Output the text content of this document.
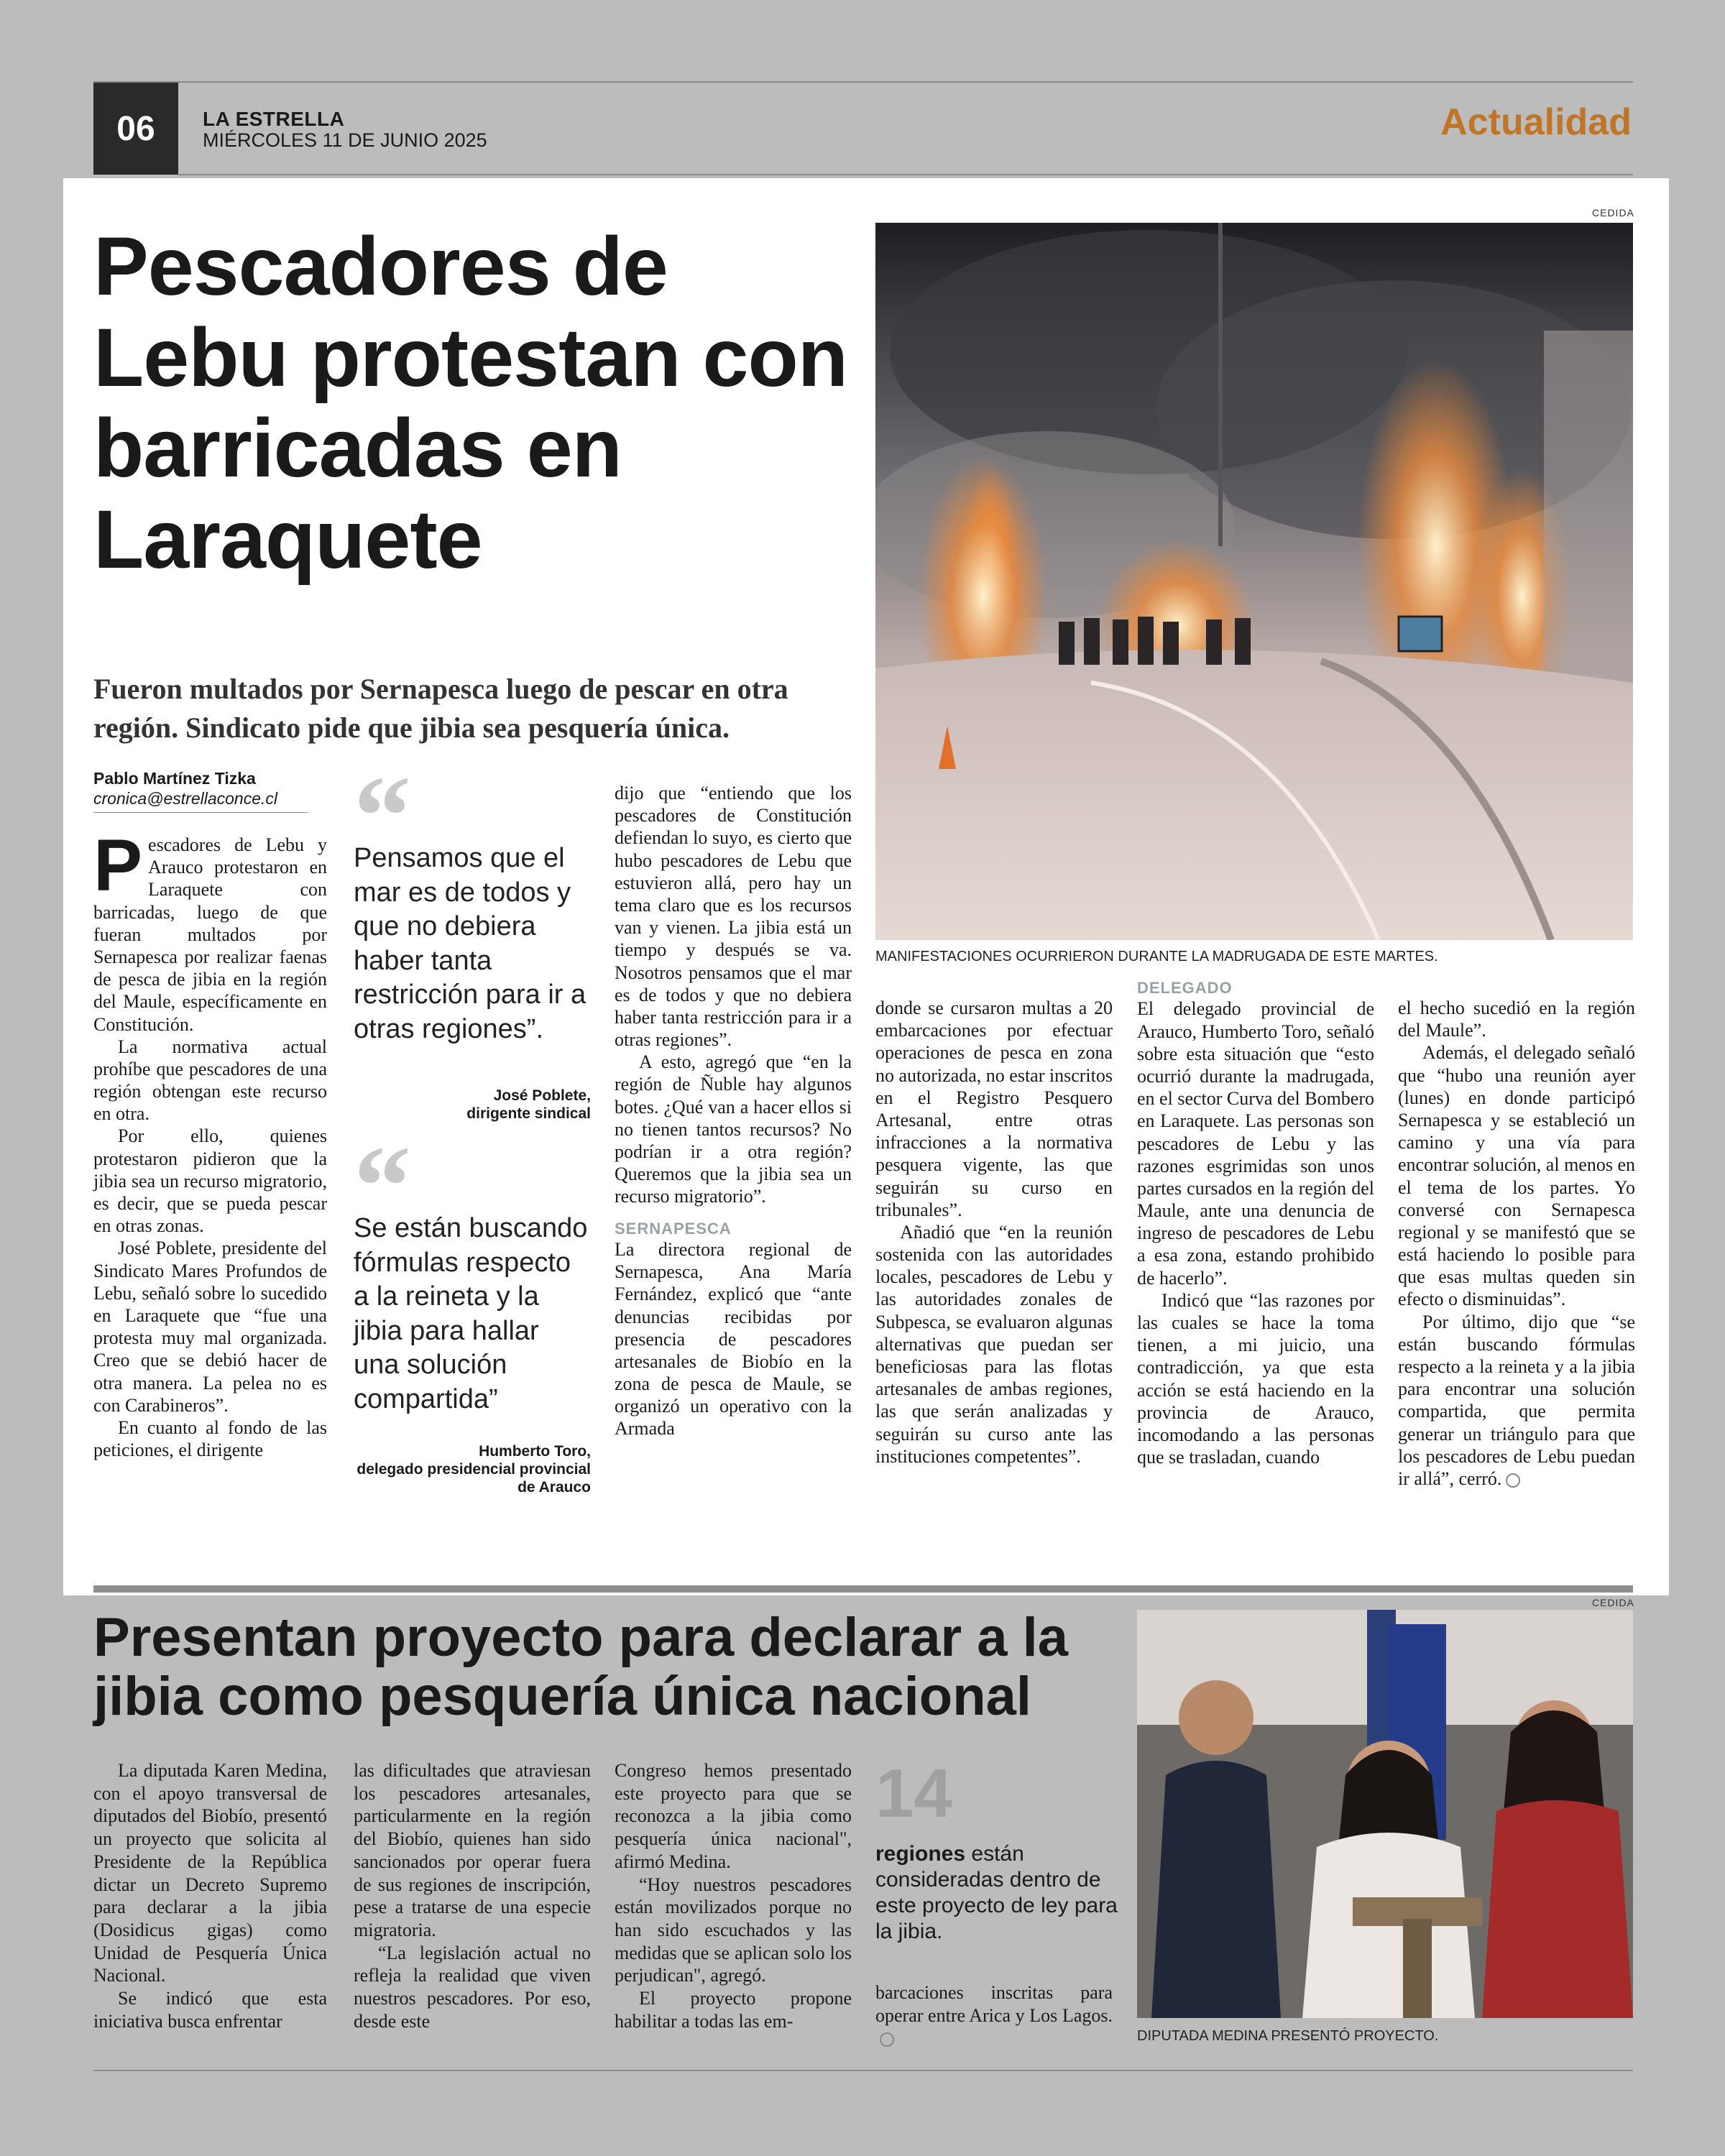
06	LA ESTRELLA
MIÉRCOLES 11 DE JUNIO 2025	Actualidad
Pescadores de Lebu protestan con barricadas en Laraquete
Fueron multados por Sernapesca luego de pescar en otra región. Sindicato pide que jibia sea pesquería única.
Pablo Martínez Tizka
cronica@estrellaconce.cl
CEDIDA
MANIFESTACIONES OCURRIERON DURANTE LA MADRUGADA DE ESTE MARTES.

Pescadores de Lebu y Arauco protestaron en Laraquete con barricadas, luego de que fueran multados por Sernapesca por realizar faenas de pesca de jibia en la región del Maule, específicamente en Constitución.

La normativa actual prohíbe que pescadores de una región obtengan este recurso en otra.

Por ello, quienes protestaron pidieron que la jibia sea un recurso migratorio, es decir, que se pueda pescar en otras zonas.

José Poblete, presidente del Sindicato Mares Profundos de Lebu, señaló sobre lo sucedido en Laraquete que “fue una protesta muy mal organizada. Creo que se debió hacer de otra manera. La pelea no es con Carabineros”.

En cuanto al fondo de las peticiones, el dirigente

“
Pensamos que el mar es de todos y que no debiera haber tanta restricción para ir a otras regiones”.
José Poblete,
dirigente sindical
“
Se están buscando fórmulas respecto a la reineta y la jibia para hallar una solución compartida”
Humberto Toro,
delegado presidencial provincial de Arauco

dijo que “entiendo que los pescadores de Constitución defiendan lo suyo, es cierto que hubo pescadores de Lebu que estuvieron allá, pero hay un tema claro que es los recursos van y vienen. La jibia está un tiempo y después se va. Nosotros pensamos que el mar es de todos y que no debiera haber tanta restricción para ir a otras regiones”.

A esto, agregó que “en la región de Ñuble hay algunos botes. ¿Qué van a hacer ellos si no tienen tantos recursos? No podrían ir a otra región? Queremos que la jibia sea un recurso migratorio”.

SERNAPESCA

La directora regional de Sernapesca, Ana María Fernández, explicó que “ante denuncias recibidas por presencia de pescadores artesanales de Biobío en la zona de pesca de Maule, se organizó un operativo con la Armada

donde se cursaron multas a 20 embarcaciones por efectuar operaciones de pesca en zona no autorizada, no estar inscritos en el Registro Pesquero Artesanal, entre otras infracciones a la normativa pesquera vigente, las que seguirán su curso en tribunales”.

Añadió que “en la reunión sostenida con las autoridades locales, pescadores de Lebu y las autoridades zonales de Subpesca, se evaluaron algunas alternativas que puedan ser beneficiosas para las flotas artesanales de ambas regiones, las que serán analizadas y seguirán su curso ante las instituciones competentes”.

DELEGADO

El delegado provincial de Arauco, Humberto Toro, señaló sobre esta situación que “esto ocurrió durante la madrugada, en el sector Curva del Bombero en Laraquete. Las personas son pescadores de Lebu y las razones esgrimidas son unos partes cursados en la región del Maule, ante una denuncia de ingreso de pescadores de Lebu a esa zona, estando prohibido de hacerlo”.

Indicó que “las razones por las cuales se hace la toma tienen, a mi juicio, una contradicción, ya que esta acción se está haciendo en la provincia de Arauco, incomodando a las personas que se trasladan, cuando

el hecho sucedió en la región del Maule”.

Además, el delegado señaló que “hubo una reunión ayer (lunes) en donde participó Sernapesca y se estableció un camino y una vía para encontrar solución, al menos en el tema de los partes. Yo conversé con Sernapesca regional y se manifestó que se está haciendo lo posible para que esas multas queden sin efecto o disminuidas”.

Por último, dijo que “se están buscando fórmulas respecto a la reineta y a la jibia para encontrar una solución compartida, que permita generar un triángulo para que los pescadores de Lebu puedan ir allá”, cerró.

Presentan proyecto para declarar a la jibia como pesquería única nacional

La diputada Karen Medina, con el apoyo transversal de diputados del Biobío, presentó un proyecto que solicita al Presidente de la República dictar un Decreto Supremo para declarar a la jibia (Dosidicus gigas) como Unidad de Pesquería Única Nacional.

Se indicó que esta iniciativa busca enfrentar

las dificultades que atraviesan los pescadores artesanales, particularmente en la región del Biobío, quienes han sido sancionados por operar fuera de sus regiones de inscripción, pese a tratarse de una especie migratoria.

“La legislación actual no refleja la realidad que viven nuestros pescadores. Por eso, desde este

Congreso hemos presentado este proyecto para que se reconozca a la jibia como pesquería única nacional", afirmó Medina.

“Hoy nuestros pescadores están movilizados porque no han sido escuchados y las medidas que se aplican solo los perjudican", agregó.

El proyecto propone habilitar a todas las em-

14
regiones están consideradas dentro de este proyecto de ley para la jibia.

barcaciones inscritas para operar entre Arica y Los Lagos.

CEDIDA
DIPUTADA MEDINA PRESENTÓ PROYECTO.
